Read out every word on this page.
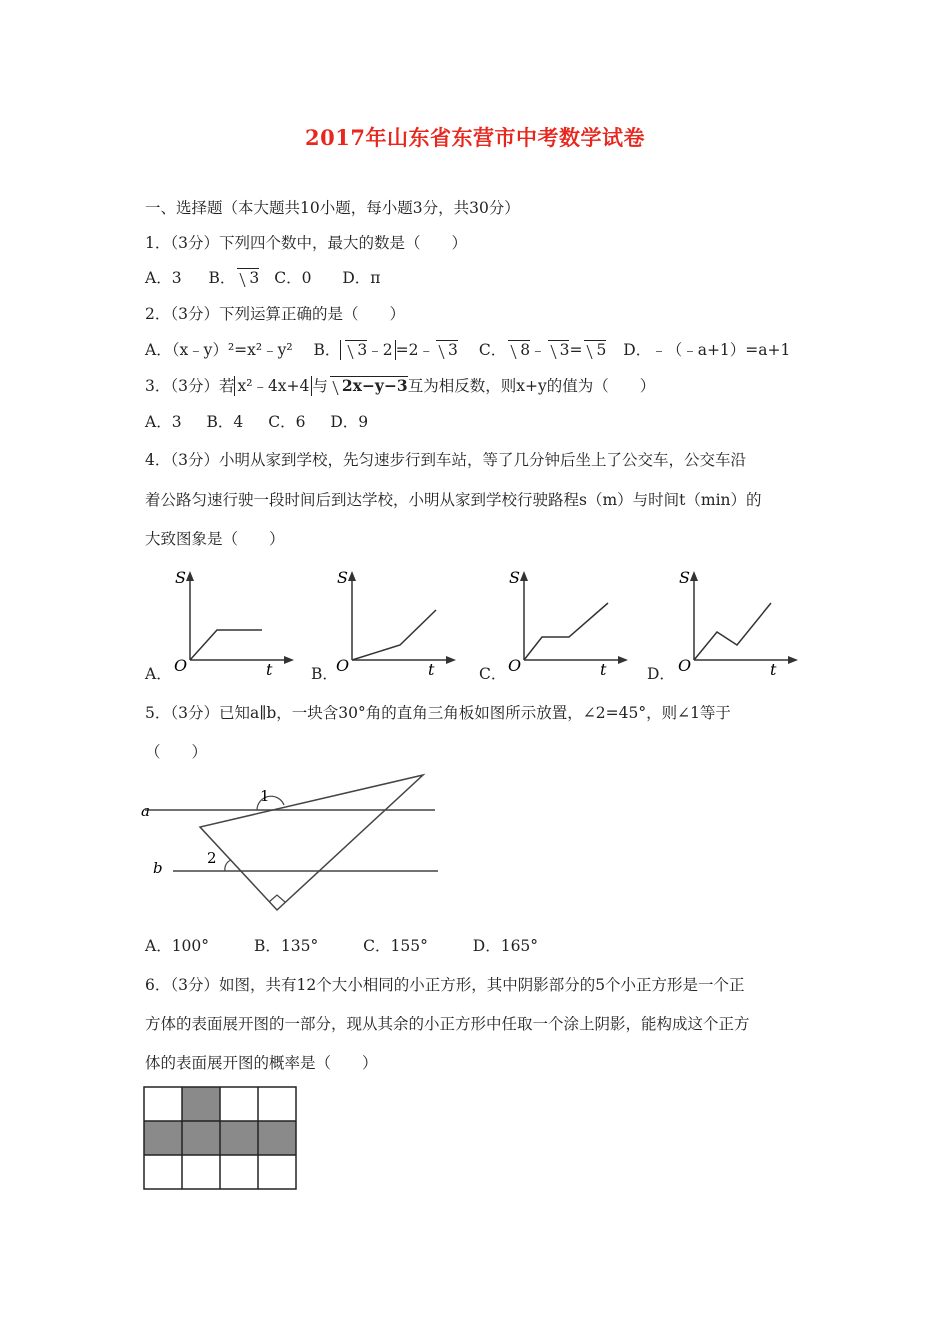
2017年山东省东营市中考数学试卷
一、选择题（本大题共10小题，每小题3分，共30分）
1．（3分）下列四个数中，最大的数是（　　）
A．3 B． 3 C．0 D．π
2．（3分）下列运算正确的是（　　）
A．（x﹣y）²=x²﹣y² B． 3﹣2 =2﹣ 3 C． 8﹣ 3= 5 D．﹣（﹣a+1）=a+1
3．（3分）若 x²﹣4x+4 与 2x−y−3互为相反数，则x+y的值为（　　）
A．3 B．4 C．6 D．9
4．（3分）小明从家到学校，先匀速步行到车站，等了几分钟后坐上了公交车，公交车沿
着公路匀速行驶一段时间后到达学校，小明从家到学校行驶路程s（m）与时间t（min）的
大致图象是（　　）
A．
S
O	t B．
S
O	t	C．
S
O	t	D．
S
O	t
5．（3分）已知a∥b，一块含30°角的直角三角板如图所示放置，∠2=45°，则∠1等于
（　　）
a
b
1
2
A．100°	B．135°	C．155°	D．165°
6．（3分）如图，共有12个大小相同的小正方形，其中阴影部分的5个小正方形是一个正
方体的表面展开图的一部分，现从其余的小正方形中任取一个涂上阴影，能构成这个正方
体的表面展开图的概率是（　　）
